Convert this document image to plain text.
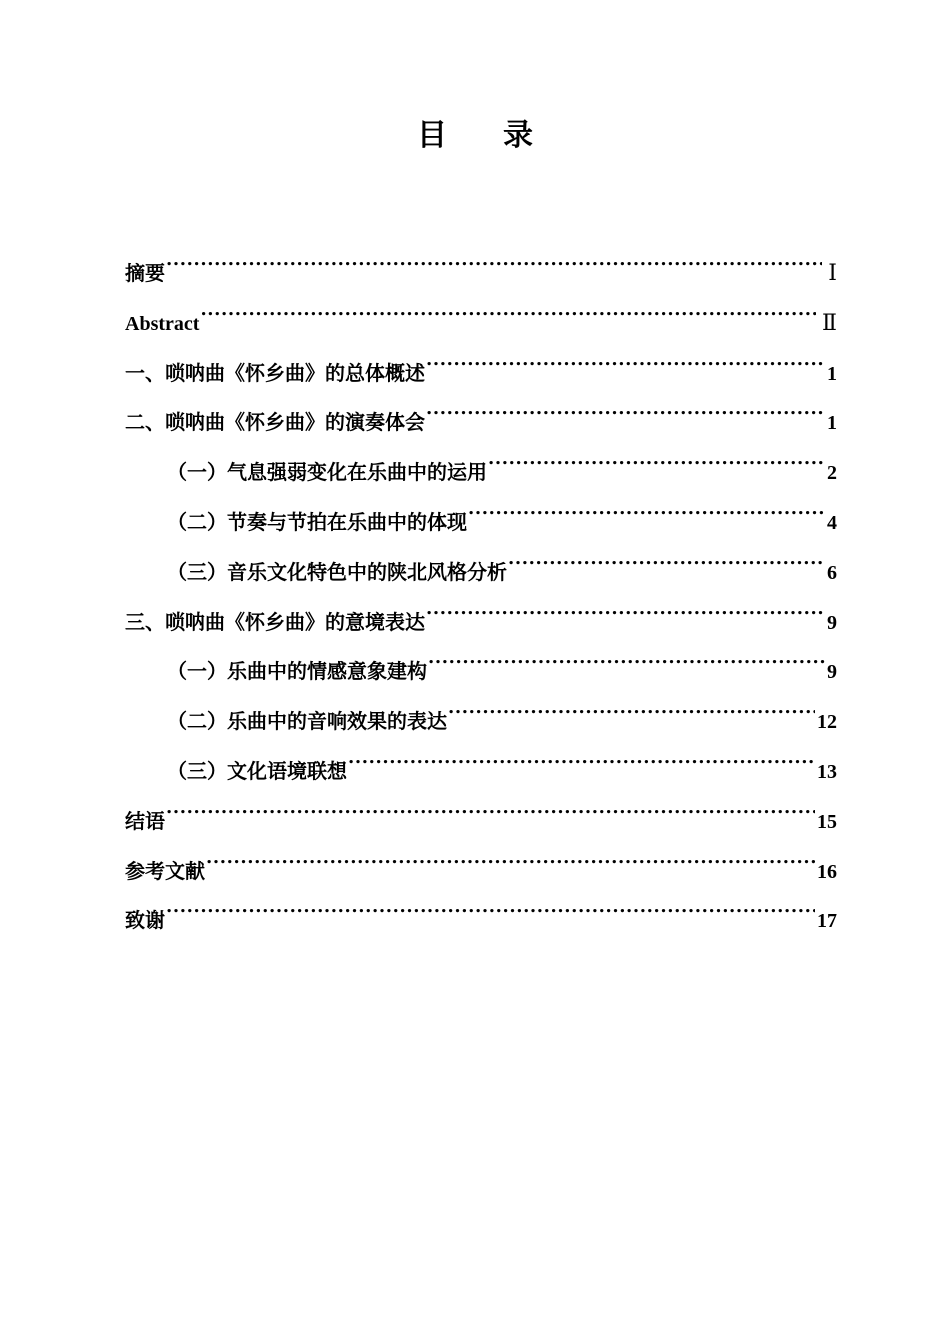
目 录
摘要 .....	Ⅰ
Abstract .....	Ⅱ
一、唢呐曲《怀乡曲》的总体概述 .....	1
二、唢呐曲《怀乡曲》的演奏体会 .....	1
（一）气息强弱变化在乐曲中的运用 .....	2
（二）节奏与节拍在乐曲中的体现 .....	4
（三）音乐文化特色中的陕北风格分析 .....	6
三、唢呐曲《怀乡曲》的意境表达 .....	9
（一）乐曲中的情感意象建构 .....	9
（二）乐曲中的音响效果的表达 .....	12
（三）文化语境联想 .....	13
结语 .....	15
参考文献 .....	16
致谢 .....	17
